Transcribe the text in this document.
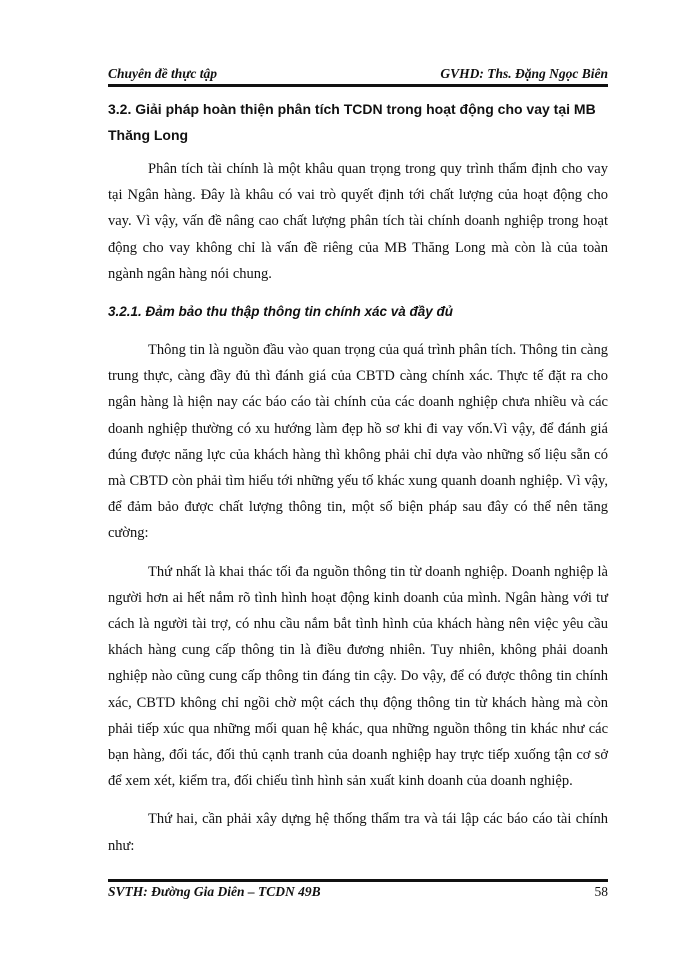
Chuyên đề thực tập	GVHD: Ths. Đặng Ngọc Biên

3.2. Giải pháp hoàn thiện phân tích TCDN trong hoạt động cho vay tại MB Thăng Long

Phân tích tài chính là một khâu quan trọng trong quy trình thẩm định cho vay tại Ngân hàng. Đây là khâu có vai trò quyết định tới chất lượng của hoạt động cho vay. Vì vậy, vấn đề nâng cao chất lượng phân tích tài chính doanh nghiệp trong hoạt động cho vay không chỉ là vấn đề riêng của MB Thăng Long mà còn là của toàn ngành ngân hàng nói chung.

3.2.1. Đảm bảo thu thập thông tin chính xác và đầy đủ

Thông tin là nguồn đầu vào quan trọng của quá trình phân tích. Thông tin càng trung thực, càng đầy đủ thì đánh giá của CBTD càng chính xác. Thực tế đặt ra cho ngân hàng là hiện nay các báo cáo tài chính của các doanh nghiệp chưa nhiều và các doanh nghiệp thường có xu hướng làm đẹp hồ sơ khi đi vay vốn.Vì vậy, để đánh giá đúng được năng lực của khách hàng thì không phải chỉ dựa vào những số liệu sẵn có mà CBTD còn phải tìm hiểu tới những yếu tố khác xung quanh doanh nghiệp. Vì vậy, để đảm bảo được chất lượng thông tin, một số biện pháp sau đây có thể nên tăng cường:

Thứ nhất là khai thác tối đa nguồn thông tin từ doanh nghiệp. Doanh nghiệp là người hơn ai hết nắm rõ tình hình hoạt động kinh doanh của mình. Ngân hàng với tư cách là người tài trợ, có nhu cầu nắm bắt tình hình của khách hàng nên việc yêu cầu khách hàng cung cấp thông tin là điều đương nhiên. Tuy nhiên, không phải doanh nghiệp nào cũng cung cấp thông tin đáng tin cậy. Do vậy, để có được thông tin chính xác, CBTD không chỉ ngồi chờ một cách thụ động thông tin từ khách hàng mà còn phải tiếp xúc qua những mối quan hệ khác, qua những nguồn thông tin khác như các bạn hàng, đối tác, đối thủ cạnh tranh của doanh nghiệp hay trực tiếp xuống tận cơ sở để xem xét, kiểm tra, đối chiếu tình hình sản xuất kinh doanh của doanh nghiệp.

Thứ hai, cần phải xây dựng hệ thống thẩm tra và tái lập các báo cáo tài chính như:

SVTH: Đường Gia Diên – TCDN 49B	58
